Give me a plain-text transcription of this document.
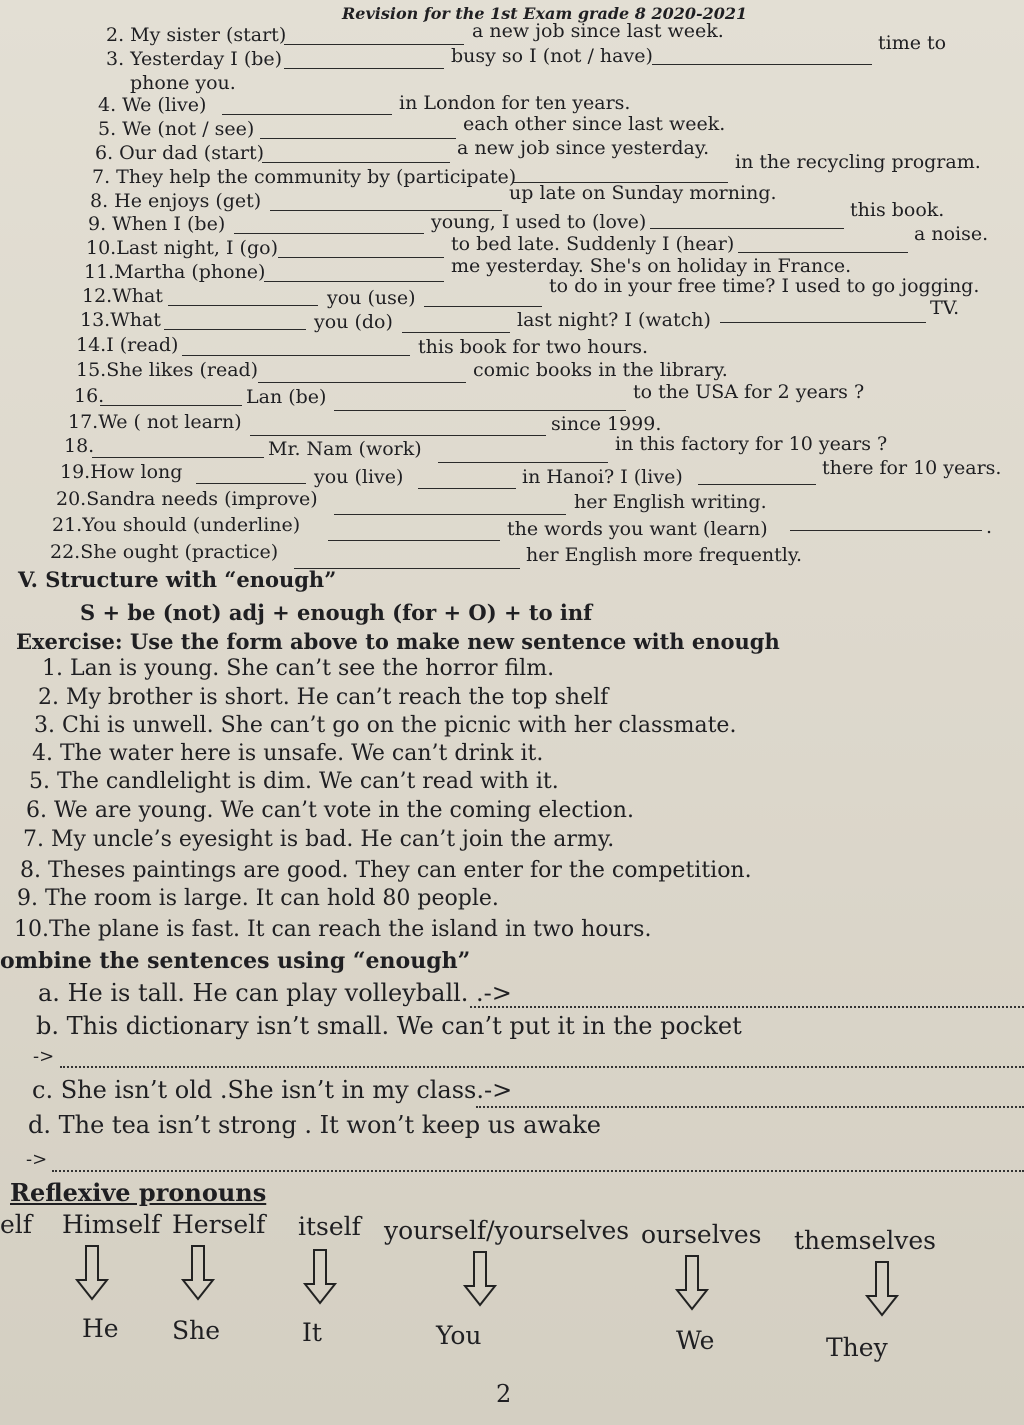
Revision for the 1st Exam grade 8 2020-2021
2. My sister (start)	a new job since last week.
3. Yesterday I (be)	busy so I (not / have)
time to
phone you.
4. We (live)	in London for ten years.
5. We (not / see)	each other since last week.
6. Our dad (start)	a new job since yesterday.
7. They help the community by (participate)
in the recycling program.
8. He enjoys (get)	up late on Sunday morning.
9. When I (be)	young, I used to (love)
this book.
10.Last night, I (go)	to bed late. Suddenly I (hear)	a noise.
11.Martha (phone)	me yesterday. She's on holiday in France.
12.What	you (use)
to do in your free time? I used to go jogging.
13.What	you (do)	last night? I (watch)
TV.
14.I (read)	this book for two hours.
15.She likes (read)	comic books in the library.
16.	Lan (be)	to the USA for 2 years ?
17.We ( not learn)	since 1999.
18.	Mr. Nam (work)	in this factory for 10 years ?
19.How long	you (live)	in Hanoi? I (live)	there for 10 years.
20.Sandra needs (improve)	her English writing.
21.You should (underline)	the words you want (learn)	.
22.She ought (practice)	her English more frequently.
V. Structure with “enough”
S + be (not) adj + enough (for + O) + to inf
Exercise: Use the form above to make new sentence with enough
1. Lan is young. She can’t see the horror film.
2. My brother is short. He can’t reach the top shelf
3. Chi is unwell. She can’t go on the picnic with her classmate.
4. The water here is unsafe. We can’t drink it.
5. The candlelight is dim. We can’t read with it.
6. We are young. We can’t vote in the coming election.
7. My uncle’s eyesight is bad. He can’t join the army.
8. Theses paintings are good. They can enter for the competition.
9. The room is large. It can hold 80 people.
10.The plane is fast. It can reach the island in two hours.
ombine the sentences using “enough”
a. He is tall. He can play volleyball. .->
b. This dictionary isn’t small. We can’t put it in the pocket
->
c. She isn’t old .She isn’t in my class.->
d. The tea isn’t strong . It won’t keep us awake
->
Reflexive pronouns
elf Himself Herself itself yourself/yourselves ourselves themselves
He She	It	You	We	They
2
